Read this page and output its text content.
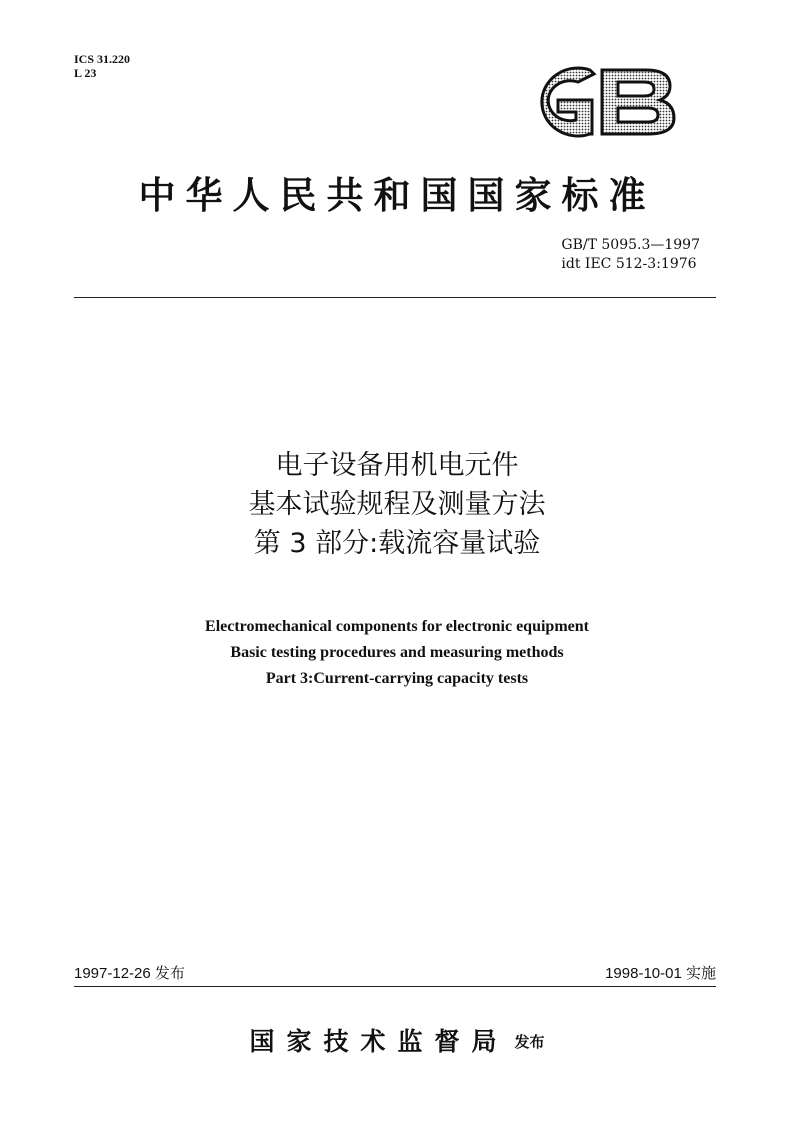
ICS 31.220
L 23
中华人民共和国国家标准
GB/T 5095.3—1997
idt IEC 512-3:1976
电子设备用机电元件
基本试验规程及测量方法
第 3 部分:载流容量试验
Electromechanical components for electronic equipment
Basic testing procedures and measuring methods
Part 3:Current-carrying capacity tests
1997-12-26 发布	1998-10-01 实施
国家技术监督局 发布
